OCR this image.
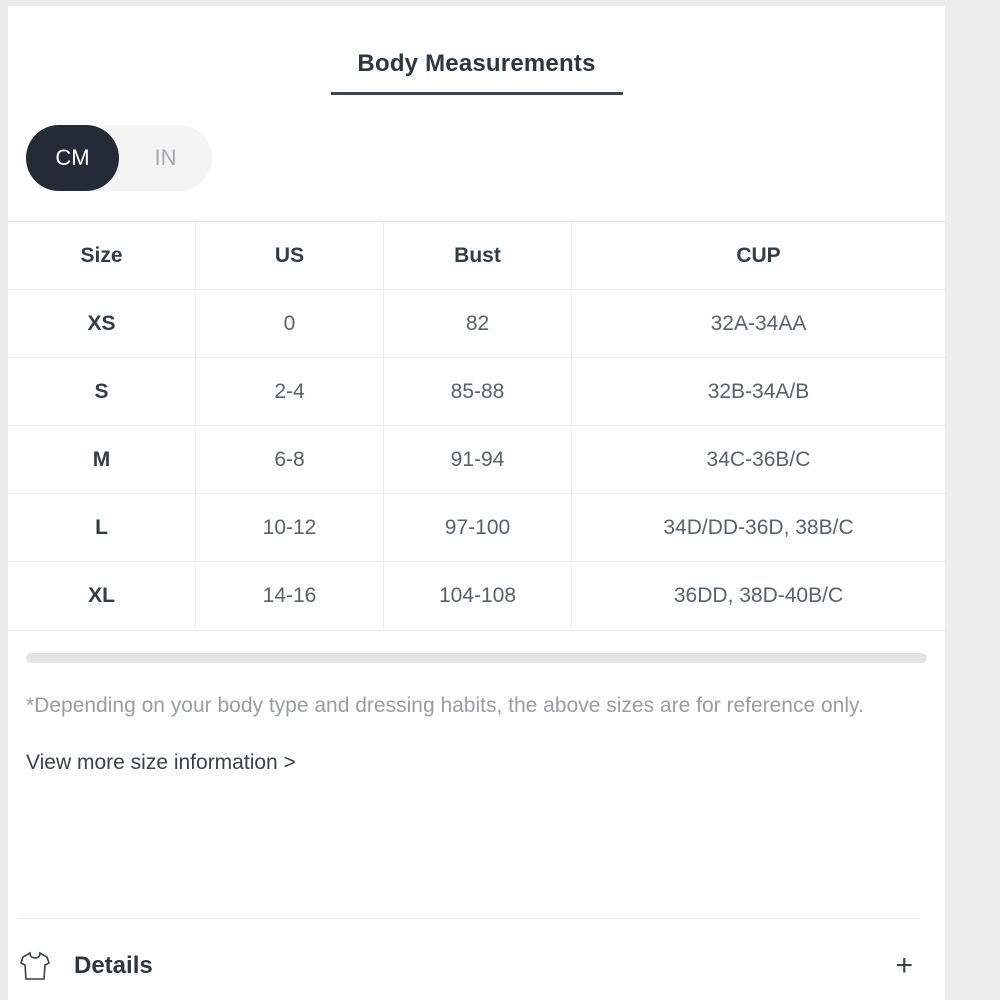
Body Measurements
CM	IN
Size	US	Bust	CUP
XS	0	82	32A-34AA
S	2-4	85-88	32B-34A/B
M	6-8	91-94	34C-36B/C
L	10-12	97-100	34D/DD-36D, 38B/C
XL	14-16	104-108	36DD, 38D-40B/C
*Depending on your body type and dressing habits, the above sizes are for reference only.
View more size information >
Details	+
